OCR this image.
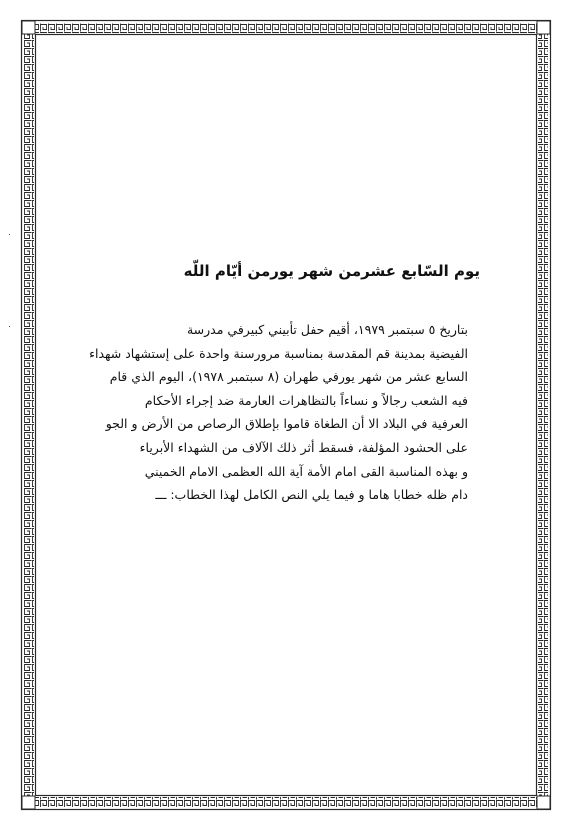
يوم السّابع عشرمن شهر يورمن أيّام اللّه

بتاريخ ٥ سبتمبر ١٩٧٩، أقيم حفل تأبيني كبيرفي مدرسة
الفيضية بمدينة قم المقدسة بمناسبة مرورسنة واحدة على إستشهاد شهداء
السابع عشر من شهر يورفي طهران (٨ سبتمبر ١٩٧٨)، اليوم الذي قام
فيه الشعب رجالاً و نساءاً بالتظاهرات العارمة ضد إجراء الأحكام
العرفية في البلاد الا أن الطغاة قاموا بإطلاق الرصاص من الأرض و الجو
على الحشود المؤلفة، فسقط أثر ذلك الآلاف من الشهداء الأبرياء

و بهذه المناسبة القى امام الأمة آية الله العظمى الامام الخميني
دام ظله خطابا هاما و فيما يلي النص الكامل لهذا الخطاب: ـــ
